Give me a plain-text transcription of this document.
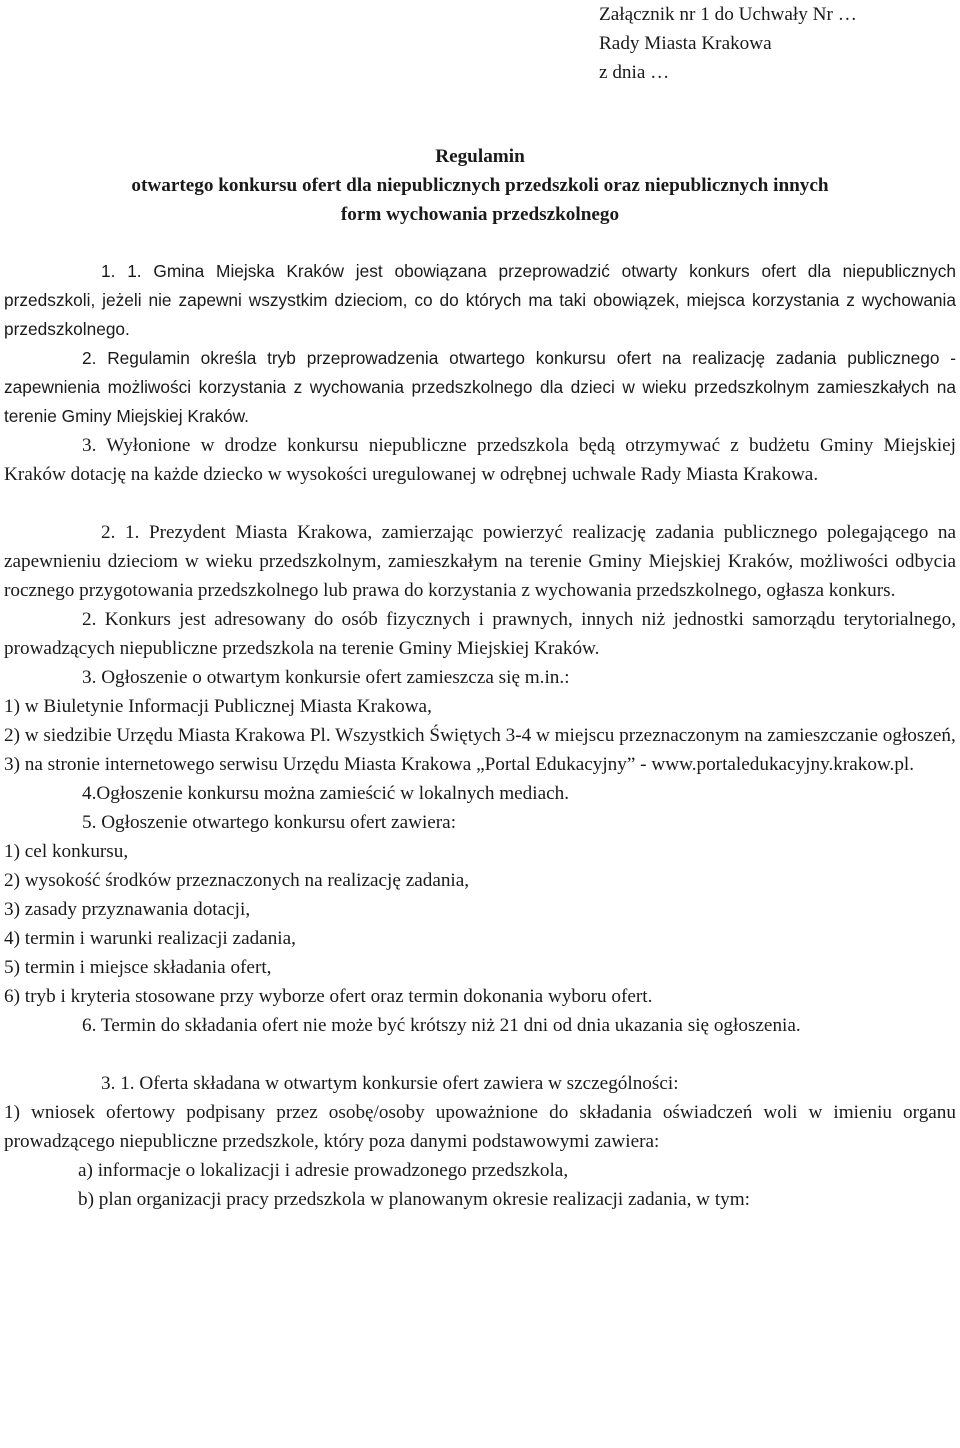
Załącznik nr 1 do Uchwały Nr …
Rady Miasta Krakowa
z dnia …
Regulamin
otwartego konkursu ofert dla niepublicznych przedszkoli oraz niepublicznych innych
form wychowania przedszkolnego

1. 1. Gmina Miejska Kraków jest obowiązana przeprowadzić otwarty konkurs ofert dla niepublicznych przedszkoli, jeżeli nie zapewni wszystkim dzieciom, co do których ma taki obowiązek, miejsca korzystania z wychowania przedszkolnego.

2. Regulamin określa tryb przeprowadzenia otwartego konkursu ofert na realizację zadania publicznego - zapewnienia możliwości korzystania z wychowania przedszkolnego dla dzieci w wieku przedszkolnym zamieszkałych na terenie Gminy Miejskiej Kraków.

3. Wyłonione w drodze konkursu niepubliczne przedszkola będą otrzymywać z budżetu Gminy Miejskiej Kraków dotację na każde dziecko w wysokości uregulowanej w odrębnej uchwale Rady Miasta Krakowa.

2. 1. Prezydent Miasta Krakowa, zamierzając powierzyć realizację zadania publicznego polegającego na zapewnieniu dzieciom w wieku przedszkolnym, zamieszkałym na terenie Gminy Miejskiej Kraków, możliwości odbycia rocznego przygotowania przedszkolnego lub prawa do korzystania z wychowania przedszkolnego, ogłasza konkurs.

2. Konkurs jest adresowany do osób fizycznych i prawnych, innych niż jednostki samorządu terytorialnego, prowadzących niepubliczne przedszkola na terenie Gminy Miejskiej Kraków.

3. Ogłoszenie o otwartym konkursie ofert zamieszcza się m.in.:

1) w Biuletynie Informacji Publicznej Miasta Krakowa,

2) w siedzibie Urzędu Miasta Krakowa Pl. Wszystkich Świętych 3-4 w miejscu przeznaczonym na zamieszczanie ogłoszeń,

3) na stronie internetowego serwisu Urzędu Miasta Krakowa „Portal Edukacyjny” - www.portaledukacyjny.krakow.pl.

4.Ogłoszenie konkursu można zamieścić w lokalnych mediach.

5. Ogłoszenie otwartego konkursu ofert zawiera:

1) cel konkursu,

2) wysokość środków przeznaczonych na realizację zadania,

3) zasady przyznawania dotacji,

4) termin i warunki realizacji zadania,

5) termin i miejsce składania ofert,

6) tryb i kryteria stosowane przy wyborze ofert oraz termin dokonania wyboru ofert.

6. Termin do składania ofert nie może być krótszy niż 21 dni od dnia ukazania się ogłoszenia.

3. 1. Oferta składana w otwartym konkursie ofert zawiera w szczególności:

1) wniosek ofertowy podpisany przez osobę/osoby upoważnione do składania oświadczeń woli w imieniu organu prowadzącego niepubliczne przedszkole, który poza danymi podstawowymi zawiera:

a) informacje o lokalizacji i adresie prowadzonego przedszkola,

b) plan organizacji pracy przedszkola w planowanym okresie realizacji zadania, w tym:
